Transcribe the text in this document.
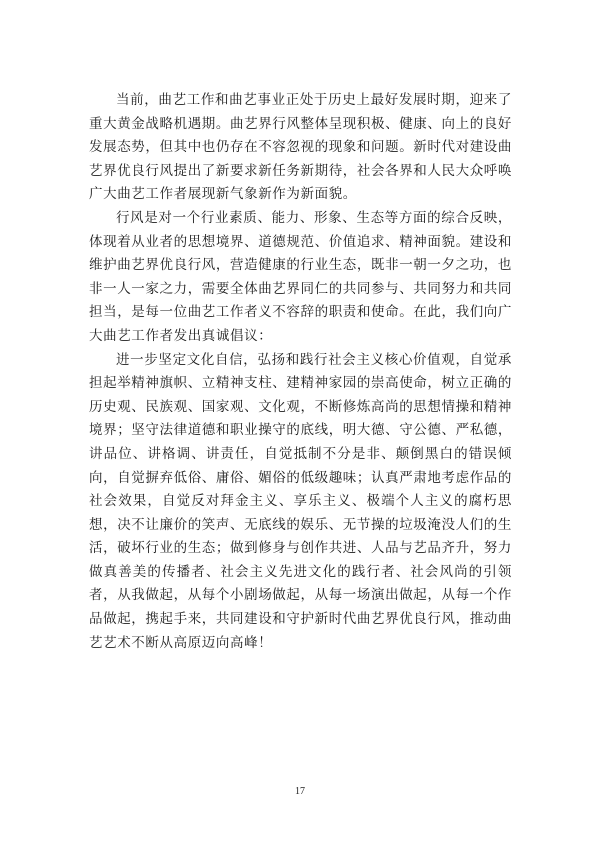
当前，曲艺工作和曲艺事业正处于历史上最好发展时期，迎来了重大黄金战略机遇期。曲艺界行风整体呈现积极、健康、向上的良好发展态势，但其中也仍存在不容忽视的现象和问题。新时代对建设曲艺界优良行风提出了新要求新任务新期待，社会各界和人民大众呼唤广大曲艺工作者展现新气象新作为新面貌。

行风是对一个行业素质、能力、形象、生态等方面的综合反映，体现着从业者的思想境界、道德规范、价值追求、精神面貌。建设和维护曲艺界优良行风，营造健康的行业生态，既非一朝一夕之功，也非一人一家之力，需要全体曲艺界同仁的共同参与、共同努力和共同担当，是每一位曲艺工作者义不容辞的职责和使命。在此，我们向广大曲艺工作者发出真诚倡议：

进一步坚定文化自信，弘扬和践行社会主义核心价值观，自觉承担起举精神旗帜、立精神支柱、建精神家园的崇高使命，树立正确的历史观、民族观、国家观、文化观，不断修炼高尚的思想情操和精神境界；坚守法律道德和职业操守的底线，明大德、守公德、严私德，讲品位、讲格调、讲责任，自觉抵制不分是非、颠倒黑白的错误倾向，自觉摒弃低俗、庸俗、媚俗的低级趣味；认真严肃地考虑作品的社会效果，自觉反对拜金主义、享乐主义、极端个人主义的腐朽思想，决不让廉价的笑声、无底线的娱乐、无节操的垃圾淹没人们的生活，破坏行业的生态；做到修身与创作共进、人品与艺品齐升，努力做真善美的传播者、社会主义先进文化的践行者、社会风尚的引领者，从我做起，从每个小剧场做起，从每一场演出做起，从每一个作品做起，携起手来，共同建设和守护新时代曲艺界优良行风，推动曲艺艺术不断从高原迈向高峰！

17
